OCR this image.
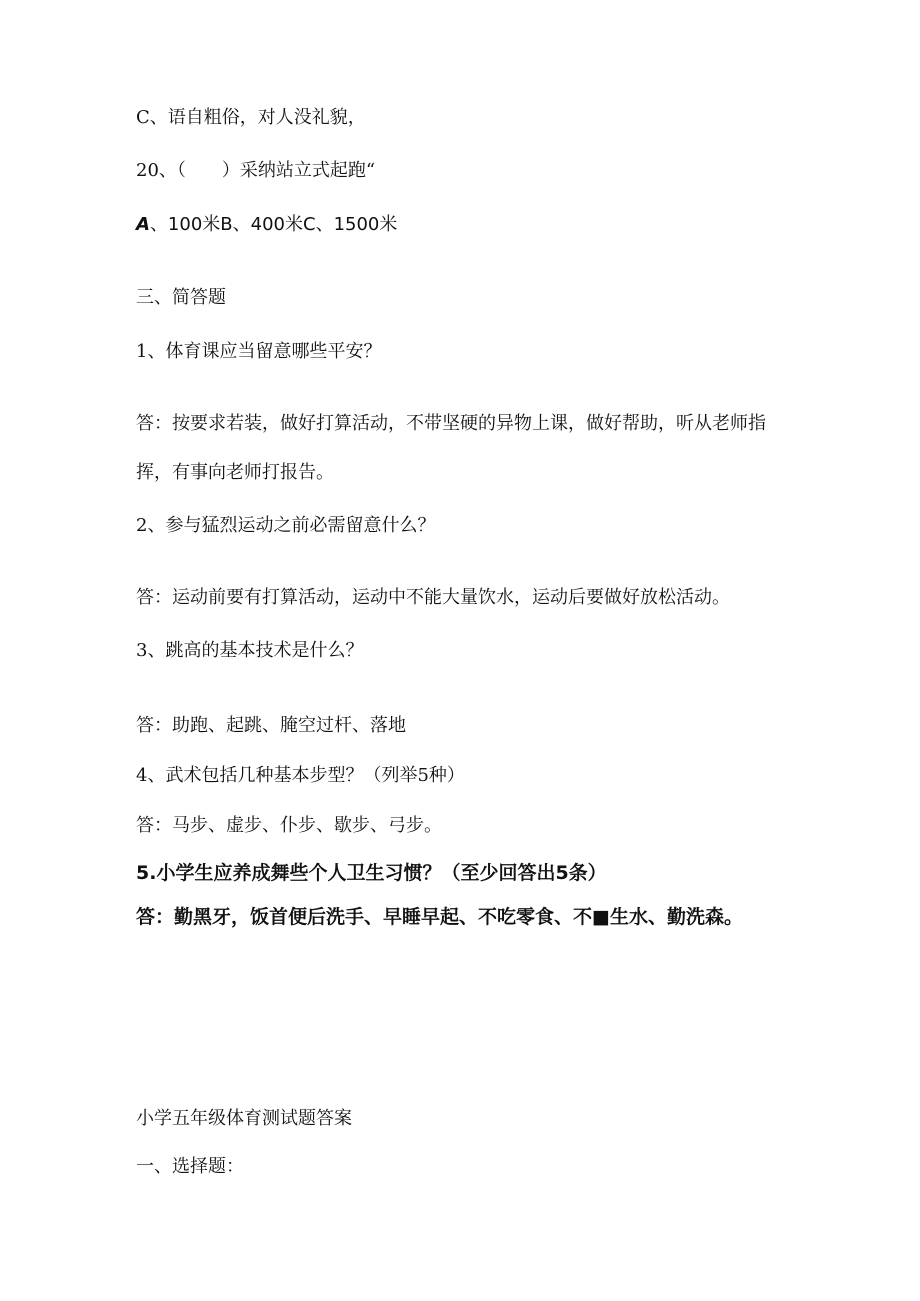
C、语自粗俗，对人没礼貌，
20、（　　）采纳站立式起跑“
A、100米B、400米C、1500米
三、简答题
1、体育课应当留意哪些平安？
答：按要求若装，做好打算活动，不带坚硬的异物上课，做好帮助，听从老师指
挥，有事向老师打报告。
2、参与猛烈运动之前必需留意什么？
答：运动前要有打算活动，运动中不能大量饮水，运动后要做好放松活动。
3、跳高的基本技术是什么？
答：助跑、起跳、腌空过杆、落地
4、武术包括几种基本步型？（列举5种）
答：马步、虚步、仆步、歇步、弓步。
5.小学生应养成舞些个人卫生习惯？（至少回答出5条）
答：勤黑牙，饭首便后洗手、早睡早起、不吃零食、不■生水、勤洗森。
小学五年级体育测试题答案
一、选择题：
